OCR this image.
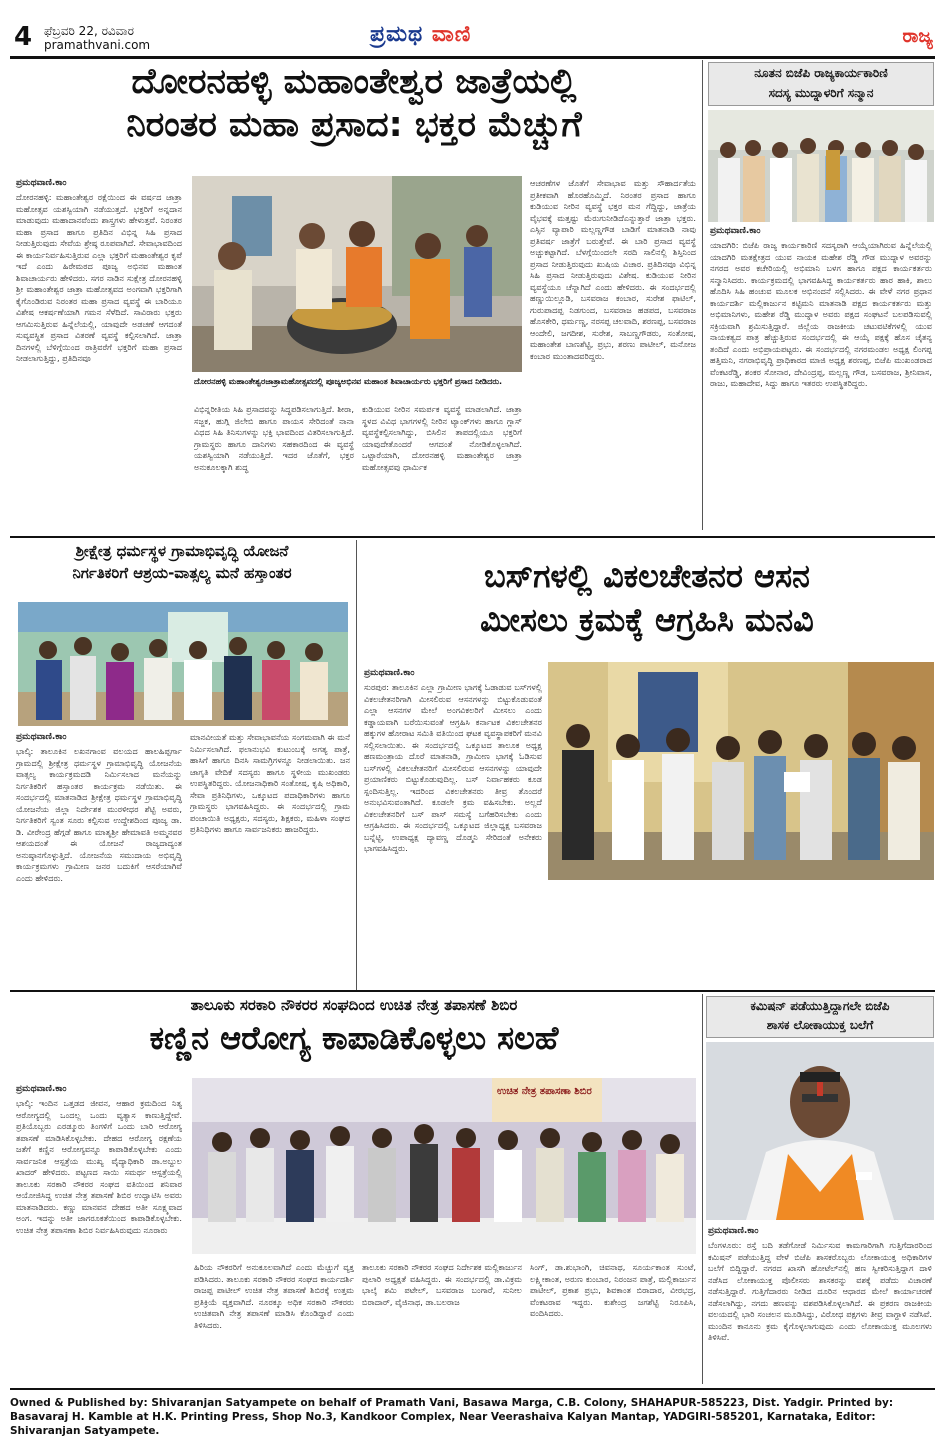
4 ಫೆಬ್ರವರಿ 22, ರವಿವಾರ
pramathvani.com	ಪ್ರಮಥ ವಾಣಿ	ರಾಜ್ಯ
ದೋರನಹಳ್ಳಿ ಮಹಾಂತೇಶ್ವರ ಜಾತ್ರೆಯಲ್ಲಿ
ನಿರಂತರ ಮಹಾ ಪ್ರಸಾದ: ಭಕ್ತರ ಮೆಚ್ಚುಗೆ
ಪ್ರಮಥವಾಣಿ.ಕಾಂ
ದೋರನಹಳ್ಳಿ: ಮಹಾಂತೇಶ್ವರ ರಕ್ಷೆಯಿಂದ ಈ ವರ್ಷದ ಜಾತ್ರಾ ಮಹೋತ್ಸವ ಯಶಸ್ವಿಯಾಗಿ ನಡೆಯುತ್ತದೆ. ಭಕ್ತರಿಗೆ ಅನ್ನದಾನ ಮಾಡುವುದು ಮಹಾದಾನವೆಂದು ಶಾಸ್ತ್ರಗಳು ಹೇಳುತ್ತವೆ. ನಿರಂತರ ಮಹಾ ಪ್ರಸಾದ ಹಾಗೂ ಪ್ರತಿದಿನ ವಿಭಿನ್ನ ಸಿಹಿ ಪ್ರಸಾದ ನೀಡುತ್ತಿರುವುದು ಸೇವೆಯ ಶ್ರೇಷ್ಠ ರೂಪವಾಗಿದೆ. ಸೇವಾಭಾವದಿಂದ ಈ ಕಾರ್ಯನಿರ್ವಹಿಸುತ್ತಿರುವ ಎಲ್ಲಾ ಭಕ್ತರಿಗೆ ಮಹಾಂತೇಶ್ವರ ಕೃಪೆ ಇದೆ ಎಂದು ಹಿರೇಮಠದ ಪೂಜ್ಯ ಅಭಿನವ ಮಹಾಂತ ಶಿವಾಚಾರ್ಯರು ಹೇಳಿದರು. ಸಗರ ನಾಡಿನ ಸುಕ್ಷೇತ್ರ ದೋರನಹಳ್ಳಿ ಶ್ರೀ ಮಹಾಂತೇಶ್ವರ ಜಾತ್ರಾ ಮಹೋತ್ಸವದ ಅಂಗವಾಗಿ ಭಕ್ತರಿಗಾಗಿ ಕೈಗೊಂಡಿರುವ ನಿರಂತರ ಮಹಾ ಪ್ರಸಾದ ವ್ಯವಸ್ಥೆ ಈ ಬಾರಿಯೂ ವಿಶೇಷ ಆಕರ್ಷಣೆಯಾಗಿ ಗಮನ ಸೆಳೆದಿದೆ. ಸಾವಿರಾರು ಭಕ್ತರು ಆಗಮಿಸುತ್ತಿರುವ ಹಿನ್ನೆಲೆಯಲ್ಲಿ, ಯಾವುದೇ ಅಡಚಣೆ ಆಗದಂತೆ ಸುವ್ಯವಸ್ಥಿತ ಪ್ರಸಾದ ವಿತರಣೆ ವ್ಯವಸ್ಥೆ ಕಲ್ಪಿಸಲಾಗಿದೆ. ಜಾತ್ರಾ ದಿನಗಳಲ್ಲಿ ಬೆಳಿಗ್ಗೆಯಿಂದ ರಾತ್ರಿವರೆಗೆ ಭಕ್ತರಿಗೆ ಮಹಾ ಪ್ರಸಾದ ನೀಡಲಾಗುತ್ತಿದ್ದು, ಪ್ರತಿದಿನವೂ
ದೋರನಹಳ್ಳಿ ಮಹಾಂತೇಶ್ವರಜಾತ್ರಾಮಹೋತ್ಸವದಲ್ಲಿ ಪೂಜ್ಯಅಭಿನವ ಮಹಾಂತ ಶಿವಾಚಾರ್ಯರು ಭಕ್ತರಿಗೆ ಪ್ರಸಾದ ನೀಡಿದರು.
ವಿಭಿನ್ನರೀತಿಯ ಸಿಹಿ ಪ್ರಸಾದವನ್ನು ಸಿದ್ಧಪಡಿಸಲಾಗುತ್ತಿದೆ. ಶೀರಾ, ಸಜ್ಜಕ, ಹುಗ್ಗಿ ಜಿಲೇಬಿ ಹಾಗೂ ಪಾಯಸ ಸೇರಿದಂತೆ ನಾನಾ ವಿಧದ ಸಿಹಿ ತಿನಿಸುಗಳನ್ನು ಭಕ್ತಿ ಭಾವದಿಂದ ವಿತರಿಸಲಾಗುತ್ತಿದೆ. ಗ್ರಾಮಸ್ಥರು ಹಾಗೂ ದಾನಿಗಳು ಸಹಕಾರದಿಂದ ಈ ವ್ಯವಸ್ಥೆ ಯಶಸ್ವಿಯಾಗಿ ನಡೆಯುತ್ತಿದೆ. ಇದರ ಜೊತೆಗೆ, ಭಕ್ತರ ಅನುಕೂಲಕ್ಕಾಗಿ ಶುದ್ಧ
ಕುಡಿಯುವ ನೀರಿನ ಸಮರ್ಪಕ ವ್ಯವಸ್ಥೆ ಮಾಡಲಾಗಿದೆ. ಜಾತ್ರಾ ಸ್ಥಳದ ವಿವಿಧ ಭಾಗಗಳಲ್ಲಿ ನೀರಿನ ಟ್ಯಾಂಕ್‌ಗಳು ಹಾಗೂ ಗ್ಲಾಸ್ ವ್ಯವಸ್ಥೆಕಲ್ಪಿಸಲಾಗಿದ್ದು, ಬಿಸಿಲಿನ ತಾಪದಲ್ಲಿಯೂ ಭಕ್ತರಿಗೆ ಯಾವುದೇತೊಂದರೆ ಆಗದಂತೆ ನೋಡಿಕೊಳ್ಳಲಾಗಿದೆ. ಒಟ್ಟಾರೆಯಾಗಿ, ದೋರನಹಳ್ಳಿ ಮಹಾಂತೇಶ್ವರ ಜಾತ್ರಾ ಮಹೋತ್ಸವವು ಧಾರ್ಮಿಕ
ಆಚರಣೆಗಳ ಜೊತೆಗೆ ಸೇವಾಭಾವ ಮತ್ತು ಸೌಹಾರ್ದತೆಯ ಪ್ರತೀಕವಾಗಿ ಹೊರಹೊಮ್ಮಿದೆ. ನಿರಂತರ ಪ್ರಸಾದ ಹಾಗೂ ಕುಡಿಯುವ ನೀರಿನ ವ್ಯವಸ್ಥೆ ಭಕ್ತರ ಮನ ಗೆದ್ದಿದ್ದು, ಜಾತ್ರೆಯ ವೈಭವಕ್ಕೆ ಮತ್ತಷ್ಟು ಮೆರುಗುನೀಡಿದೆಎನ್ನುತ್ತಾರೆ ಜಾತ್ರಾ ಭಕ್ತರು. ಎಸ್ಸಿನ ವ್ಯಾಪಾರಿ ಮಲ್ಲಣ್ಣಗೌಡ ಬಾಡಿಗೆ ಮಾತನಾಡಿ ನಾವು ಪ್ರತಿವರ್ಷ ಜಾತ್ರೆಗೆ ಬರುತ್ತೇವೆ. ಈ ಬಾರಿ ಪ್ರಸಾದ ವ್ಯವಸ್ಥೆ ಅಚ್ಚುಕಟ್ಟಾಗಿದೆ. ಬೆಳಗ್ಗೆಯಿಂದಲೇ ಸರದಿ ಸಾಲಿನಲ್ಲಿ ಶಿಸ್ತಿನಿಂದ ಪ್ರಸಾದ ನೀಡುತ್ತಿರುವುದು ಖುಷಿಯ ವಿಚಾರ. ಪ್ರತಿದಿನವೂ ವಿಭಿನ್ನ ಸಿಹಿ ಪ್ರಸಾದ ನೀಡುತ್ತಿರುವುದು ವಿಶೇಷ. ಕುಡಿಯುವ ನೀರಿನ ವ್ಯವಸ್ಥೆಯೂ ಚೆನ್ನಾಗಿದೆ ಎಂದು ಹೇಳಿದರು. ಈ ಸಂದರ್ಭದಲ್ಲಿ ಹಣ್ಣುಯಿಲ್ಲೂಡಿ, ಬಸವರಾಜ ಕಂಬಾರ, ಸುರೇಶ ಫಾಟಿಲ್, ಗುರುಪಾದಪ್ಪ ನಿಡಗುಂದ, ಬಸವರಾಜ ಹಡಪದ, ಬಸವರಾಜ ಹೊಸಕೇರಿ, ಧರ್ಮಣ್ಣ, ನರಸಪ್ಪ ಚಲವಾದಿ, ಶರಣಪ್ಪ, ಬಸವರಾಜ ಆಂದೇಲಿ, ಜಗದೀಶ, ಸುರೇಶ, ಸಾಬಣ್ಣಗೌಡರು, ಸಂತೋಷ, ಮಹಾಂತೇಶ ಬಾಣಶೆಟ್ಟಿ, ಪ್ರಭು, ಶರಣು ಪಾಟೀಲ್, ಮನೋಜ ಕಂಬಾರ ಮುಂತಾದವರಿದ್ದರು.
ನೂತನ ಬಿಜೆಪಿ ರಾಜ್ಯಕಾರ್ಯಕಾರಿಣಿ
ಸದಸ್ಯ ಮುದ್ನಾಳರಿಗೆ ಸನ್ಮಾನ
ಪ್ರಮಥವಾಣಿ.ಕಾಂ
ಯಾದಗಿರಿ: ಬಿಜೆಪಿ ರಾಜ್ಯ ಕಾರ್ಯಕಾರಿಣಿ ಸದಸ್ಯರಾಗಿ ಆಯ್ಕೆಯಾಗಿರುವ ಹಿನ್ನೆಲೆಯಲ್ಲಿ ಯಾದಗಿರಿ ಮತಕ್ಷೇತ್ರದ ಯುವ ನಾಯಕ ಮಹೇಶ ರೆಡ್ಡಿ ಗೌಡ ಮುದ್ನಾಳ ಅವರನ್ನು ನಗರದ ಅವರ ಕಚೇರಿಯಲ್ಲಿ ಅಭಿಮಾನಿ ಬಳಗ ಹಾಗೂ ಪಕ್ಷದ ಕಾರ್ಯಕರ್ತರು ಸನ್ಮಾನಿಸಿದರು. ಕಾರ್ಯಕ್ರಮದಲ್ಲಿ ಭಾಗವಹಿಸಿದ್ದ ಕಾರ್ಯಕರ್ತರು ಹಾರ ಹಾಕಿ, ಶಾಲು ಹೊದಿಸಿ ಸಿಹಿ ಹಂಚುವ ಮೂಲಕ ಅಭಿನಂದನೆ ಸಲ್ಲಿಸಿದರು. ಈ ವೇಳೆ ನಗರ ಪ್ರಧಾನ ಕಾರ್ಯದರ್ಶಿ ಮಲ್ಲಿಕಾರ್ಜುನ ಕಟ್ಟಿಮನಿ ಮಾತನಾಡಿ ಪಕ್ಷದ ಕಾರ್ಯಕರ್ತರು ಮತ್ತು ಅಭಿಮಾನಿಗಳು, ಮಹೇಶ ರೆಡ್ಡಿ ಮುದ್ನಾಳ ಅವರು ಪಕ್ಷದ ಸಂಘಟನೆ ಬಲಪಡಿಸುವಲ್ಲಿ ಸಕ್ರಿಯವಾಗಿ ಶ್ರಮಿಸುತ್ತಿದ್ದಾರೆ. ಜಿಲ್ಲೆಯ ರಾಜಕೀಯ ಚಟುವಟಿಕೆಗಳಲ್ಲಿ ಯುವ ನಾಯಕತ್ವದ ಪಾತ್ರ ಹೆಚ್ಚುತ್ತಿರುವ ಸಂದರ್ಭದಲ್ಲಿ ಈ ಆಯ್ಕೆ ಪಕ್ಷಕ್ಕೆ ಹೊಸ ಚೈತನ್ಯ ತಂದಿದೆ ಎಂದು ಅಭಿಪ್ರಾಯಪಟ್ಟರು. ಈ ಸಂದರ್ಭದಲ್ಲಿ ನಗರಮಂಡಲ ಅಧ್ಯಕ್ಷ ಲಿಂಗಪ್ಪ ಹತ್ತಿಮನಿ, ನಗರಾಭಿವೃದ್ಧಿ ಪ್ರಾಧಿಕಾರದ ಮಾಜಿ ಅಧ್ಯಕ್ಷ ಶರಣಪ್ಪ, ಬಿಜೆಪಿ ಮುಖಂಡರಾದ ವೆಂಕಟರೆಡ್ಡಿ, ಶಂಕರ ಸೋನಾರ, ದೇವಿಂದ್ರಪ್ಪ, ಮಲ್ಲಣ್ಣ ಗೌಡ, ಬಸವರಾಜ, ಶ್ರೀನಿವಾಸ, ರಾಜು, ಮಹಾದೇವ, ಸಿದ್ದು ಹಾಗೂ ಇತರರು ಉಪಸ್ಥಿತರಿದ್ದರು.
ಶ್ರೀಕ್ಷೇತ್ರ ಧರ್ಮಸ್ಥಳ ಗ್ರಾಮಾಭಿವೃದ್ಧಿ ಯೋಜನೆ
ನಿರ್ಗತಿಕರಿಗೆ ಆಶ್ರಯ-ವಾತ್ಸಲ್ಯ ಮನೆ ಹಸ್ತಾಂತರ
ಪ್ರಮಥವಾಣಿ.ಕಾಂ
ಭಾಲ್ಕಿ: ತಾಲೂಕಿನ ಲಖನಗಾಂವ ವಲಯದ ಹಾಲಹಿಪ್ಪರ್ಗಾ ಗ್ರಾಮದಲ್ಲಿ ಶ್ರೀಕ್ಷೇತ್ರ ಧರ್ಮಸ್ಥಳ ಗ್ರಾಮಾಭಿವೃದ್ಧಿ ಯೋಜನೆಯ ವಾತ್ಸಲ್ಯ ಕಾರ್ಯಕ್ರಮದಡಿ ನಿರ್ಮಿಸಲಾದ ಮನೆಯನ್ನು ನಿರ್ಗತಿಕರಿಗೆ ಹಸ್ತಾಂತರ ಕಾರ್ಯಕ್ರಮ ನಡೆಯಿತು. ಈ ಸಂದರ್ಭದಲ್ಲಿ ಮಾತನಾಡಿದ ಶ್ರೀಕ್ಷೇತ್ರ ಧರ್ಮಸ್ಥಳ ಗ್ರಾಮಾಭಿವೃದ್ಧಿ ಯೋಜನೆಯ ಜಿಲ್ಲಾ ನಿರ್ದೇಶಕ ಮುರಳೀಧರ ಶೆಟ್ಟಿ ಅವರು, ನಿರ್ಗತಿಕರಿಗೆ ಸ್ವಂತ ಸೂರು ಕಲ್ಪಿಸುವ ಉದ್ದೇಶದಿಂದ ಪೂಜ್ಯ ಡಾ. ಡಿ. ವೀರೇಂದ್ರ ಹೆಗ್ಗಡೆ ಹಾಗೂ ಮಾತೃಶ್ರೀ ಹೇಮಾವತಿ ಅಮ್ಮನವರ ಆಶಯದಂತೆ ಈ ಯೋಜನೆ ರಾಜ್ಯದಾದ್ಯಂತ ಅನುಷ್ಠಾನಗೊಳ್ಳುತ್ತಿದೆ. ಯೋಜನೆಯ ಸಮುದಾಯ ಅಭಿವೃದ್ಧಿ ಕಾರ್ಯಕ್ರಮಗಳು ಗ್ರಾಮೀಣ ಜನರ ಬದುಕಿಗೆ ಆಸರೆಯಾಗಿವೆ ಎಂದು ಹೇಳಿದರು.
ಮಾನವೀಯತೆ ಮತ್ತು ಸೇವಾಭಾವನೆಯ ಸಂಗಮವಾಗಿ ಈ ಮನೆ ನಿರ್ಮಿಸಲಾಗಿದೆ. ಫಲಾನುಭವಿ ಕುಟುಂಬಕ್ಕೆ ಅಗತ್ಯ ಪಾತ್ರೆ, ಹಾಸಿಗೆ ಹಾಗೂ ದಿನಸಿ ಸಾಮಗ್ರಿಗಳನ್ನೂ ನೀಡಲಾಯಿತು. ಜನ ಜಾಗೃತಿ ವೇದಿಕೆ ಸದಸ್ಯರು ಹಾಗೂ ಸ್ಥಳೀಯ ಮುಖಂಡರು ಉಪಸ್ಥಿತರಿದ್ದರು. ಯೋಜನಾಧಿಕಾರಿ ಸಂತೋಷ, ಕೃಷಿ ಅಧಿಕಾರಿ, ಸೇವಾ ಪ್ರತಿನಿಧಿಗಳು, ಒಕ್ಕೂಟದ ಪದಾಧಿಕಾರಿಗಳು ಹಾಗೂ ಗ್ರಾಮಸ್ಥರು ಭಾಗವಹಿಸಿದ್ದರು. ಈ ಸಂದರ್ಭದಲ್ಲಿ ಗ್ರಾಮ ಪಂಚಾಯಿತಿ ಅಧ್ಯಕ್ಷರು, ಸದಸ್ಯರು, ಶಿಕ್ಷಕರು, ಮಹಿಳಾ ಸಂಘದ ಪ್ರತಿನಿಧಿಗಳು ಹಾಗೂ ಸಾರ್ವಜನಿಕರು ಹಾಜರಿದ್ದರು.
ಬಸ್‌ಗಳಲ್ಲಿ ವಿಕಲಚೇತನರ ಆಸನ
ಮೀಸಲು ಕ್ರಮಕ್ಕೆ ಆಗ್ರಹಿಸಿ ಮನವಿ
ಪ್ರಮಥವಾಣಿ.ಕಾಂ
ಸುರಪುರ: ತಾಲೂಕಿನ ಎಲ್ಲಾ ಗ್ರಾಮೀಣ ಭಾಗಕ್ಕೆ ಓಡಾಡುವ ಬಸ್‌ಗಳಲ್ಲಿ ವಿಕಲಚೇತನರಿಗಾಗಿ ಮೀಸಲಿರುವ ಆಸನಗಳನ್ನು ಬಿಟ್ಟುಕೊಡುವಂತೆ ಎಲ್ಲಾ ಆಸನಗಳ ಮೇಲೆ ಅಂಗವಿಕಲರಿಗೆ ಮೀಸಲು ಎಂದು ಕಡ್ಡಾಯವಾಗಿ ಬರೆಯಿಸುವಂತೆ ಆಗ್ರಹಿಸಿ ಕರ್ನಾಟಕ ವಿಕಲಚೇತನರ ಹಕ್ಕುಗಳ ಹೋರಾಟ ಸಮಿತಿ ವತಿಯಿಂದ ಘಟಕ ವ್ಯವಸ್ಥಾಪಕರಿಗೆ ಮನವಿ ಸಲ್ಲಿಸಲಾಯಿತು. ಈ ಸಂದರ್ಭದಲ್ಲಿ ಒಕ್ಕೂಟದ ತಾಲೂಕ ಅಧ್ಯಕ್ಷ ಹಣಮಂತ್ರಾಯ ದೊರೆ ಮಾತನಾಡಿ, ಗ್ರಾಮೀಣ ಭಾಗಕ್ಕೆ ಓಡಿಸುವ ಬಸ್‌ಗಳಲ್ಲಿ ವಿಕಲಚೇತನರಿಗೆ ಮೀಸಲಿರುವ ಆಸನಗಳನ್ನು ಯಾವುದೇ ಪ್ರಯಾಣಿಕರು ಬಿಟ್ಟುಕೊಡುವುದಿಲ್ಲ. ಬಸ್ ನಿರ್ವಾಹಕರು ಕೂಡ ಸ್ಪಂದಿಸುತ್ತಿಲ್ಲ. ಇದರಿಂದ ವಿಕಲಚೇತನರು ತೀವ್ರ ತೊಂದರೆ ಅನುಭವಿಸುವಂತಾಗಿದೆ. ಕೂಡಲೇ ಕ್ರಮ ವಹಿಸಬೇಕು. ಅಲ್ಲದೆ ವಿಕಲಚೇತನರಿಗೆ ಬಸ್ ಪಾಸ್ ಸಮಸ್ಯೆ ಬಗೆಹರಿಸಬೇಕು ಎಂದು ಆಗ್ರಹಿಸಿದರು. ಈ ಸಂದರ್ಭದಲ್ಲಿ ಒಕ್ಕೂಟದ ಜಿಲ್ಲಾಧ್ಯಕ್ಷ ಬಸವರಾಜ ಬನ್ನೆಟ್ಟಿ, ಉಪಾಧ್ಯಕ್ಷ ದ್ಯಾವಣ್ಣ ದೊಡ್ಮನಿ ಸೇರಿದಂತೆ ಅನೇಕರು ಭಾಗವಹಿಸಿದ್ದರು.
ತಾಲೂಕು ಸರಕಾರಿ ನೌಕರರ ಸಂಘದಿಂದ ಉಚಿತ ನೇತ್ರ ತಪಾಸಣೆ ಶಿಬಿರ
ಕಣ್ಣಿನ ಆರೋಗ್ಯ ಕಾಪಾಡಿಕೊಳ್ಳಲು ಸಲಹೆ
ಪ್ರಮಥವಾಣಿ.ಕಾಂ
ಭಾಲ್ಕಿ: ಇಂದಿನ ಒತ್ತಡದ ಜೀವನ, ಆಹಾರ ಕ್ರಮದಿಂದ ನಿತ್ಯ ಆರೋಗ್ಯದಲ್ಲಿ ಒಂದಲ್ಲ ಒಂದು ವ್ಯತ್ಯಾಸ ಕಾಣುತ್ತಿದ್ದೇವೆ. ಪ್ರತಿಯೊಬ್ಬರು ಎರಡ್ಮೂರು ತಿಂಗಳಿಗೆ ಒಂದು ಬಾರಿ ಆರೋಗ್ಯ ತಪಾಸಣೆ ಮಾಡಿಸಿಕೊಳ್ಳಬೇಕು. ದೇಹದ ಆರೋಗ್ಯ ರಕ್ಷಣೆಯ ಜತೆಗೆ ಕಣ್ಣಿನ ಆರೋಗ್ಯವನ್ನೂ ಕಾಪಾಡಿಕೊಳ್ಳಬೇಕು ಎಂದು ಸಾರ್ವಜನಿಕ ಆಸ್ಪತ್ರೆಯ ಮುಖ್ಯ ವೈದ್ಯಾಧಿಕಾರಿ ಡಾ.ಅಬ್ದುಲ ಖಾದರ್ ಹೇಳಿದರು. ಪಟ್ಟಣದ ಸಾಯಿ ಸಮರ್ಥ ಆಸ್ಪತ್ರೆಯಲ್ಲಿ ತಾಲೂಕು ಸರಕಾರಿ ನೌಕರರ ಸಂಘದ ವತಿಯಿಂದ ಶನಿವಾರ ಆಯೋಜಿಸಿದ್ದ ಉಚಿತ ನೇತ್ರ ತಪಾಸಣೆ ಶಿಬಿರ ಉದ್ಘಾಟಿಸಿ ಅವರು ಮಾತನಾಡಿದರು. ಕಣ್ಣು ಮಾನವನ ದೇಹದ ಅತೀ ಸೂಕ್ಷ್ಮವಾದ ಅಂಗ. ಇದನ್ನು ಅತೀ ಜಾಗರೂಕತೆಯಿಂದ ಕಾಪಾಡಿಕೊಳ್ಳಬೇಕು. ಉಚಿತ ನೇತ್ರ ತಪಾಸಣಾ ಶಿಬಿರ ನಿರ್ವಹಿಸಿರುವುದು ನೂರಾರು
ಉಚಿತ ನೇತ್ರ ತಪಾಸಣಾ ಶಿಬಿರ
ಹಿರಿಯ ನೌಕರರಿಗೆ ಅನುಕೂಲವಾಗಿದೆ ಎಂದು ಮೆಚ್ಚುಗೆ ವ್ಯಕ್ತ ಪಡಿಸಿದರು. ತಾಲೂಕು ಸರಕಾರಿ ನೌಕರರ ಸಂಘದ ಕಾರ್ಯದರ್ಶಿ ರಾಜಪ್ಪ ಪಾಟೀಲ್ ಉಚಿತ ನೇತ್ರ ತಪಾಸಣೆ ಶಿಬಿರಕ್ಕೆ ಉತ್ತಮ ಪ್ರತಿಕ್ರಿಯೆ ವ್ಯಕ್ತವಾಗಿದೆ. ನೂರಕ್ಕೂ ಅಧಿಕ ಸರಕಾರಿ ನೌಕರರು ಉಚಿತವಾಗಿ ನೇತ್ರ ತಪಾಸಣೆ ಮಾಡಿಸಿ ಕೊಂಡಿದ್ದಾರೆ ಎಂದು ತಿಳಿಸಿದರು.
ತಾಲೂಕು ಸರಕಾರಿ ನೌಕರರ ಸಂಘದ ನಿರ್ದೇಶಕ ಮಲ್ಲಿಕಾರ್ಜುನ ಪುಲಾರಿ ಅಧ್ಯಕ್ಷತೆ ವಹಿಸಿದ್ದರು. ಈ ಸಂದರ್ಭದಲ್ಲಿ ಡಾ.ವಿಕ್ರಮ ಭಾಲ್ಕೆ ಶಮಿ ಪಟೇಲ್, ಬಸವರಾಜ ಬಂಗಾರೆ, ಸುನೀಲ ಬಿರಾದಾರ್, ವೈಜಿನಾಥ, ಡಾ.ಬಲರಾಜ
ಸಿಂಗ್, ಡಾ.ಶುಭಾಂಗಿ, ಚಿವನಾಥ, ಸೂರ್ಯಕಾಂತ ಸುಂಟೆ, ಲಕ್ಷ್ಮೀಕಾಂತ, ಅರುಣ ಕುಂಬಾರ, ನಿರಂಜನ ಪಾತ್ರೆ, ಮಲ್ಲಿಕಾರ್ಜುನ ಪಾಟೀಲ್, ಪ್ರಕಾಶ ಪ್ರಭು, ಶಿವಕಾಂತ ಬಿರಾದಾರ, ವೀರಭದ್ರ, ವೆಂಕಟರಾವ ಇದ್ದರು. ಕುಶೇಂದ್ರ ಜಗಶೆಟ್ಟಿ ನಿರೂಪಿಸಿ, ವಂದಿಸಿದರು.
ಕಮಿಷನ್ ಪಡೆಯುತ್ತಿದ್ದಾಗಲೇ ಬಿಜೆಪಿ
ಶಾಸಕ ಲೋಕಾಯುಕ್ತ ಬಲೆಗೆ
ಪ್ರಮಥವಾಣಿ.ಕಾಂ
ಬೆಂಗಳೂರು: ರಸ್ತೆ ಬದಿ ತಡೆಗೋಡೆ ನಿರ್ಮಿಸುವ ಕಾಮಗಾರಿಗಾಗಿ ಗುತ್ತಿಗೆದಾರರಿಂದ ಕಮಿಷನ್ ಪಡೆಯುತ್ತಿದ್ದ ವೇಳೆ ಬಿಜೆಪಿ ಶಾಸಕರೊಬ್ಬರು ಲೋಕಾಯುಕ್ತ ಅಧಿಕಾರಿಗಳ ಬಲೆಗೆ ಬಿದ್ದಿದ್ದಾರೆ. ನಗರದ ಖಾಸಗಿ ಹೋಟೆಲ್‌ನಲ್ಲಿ ಹಣ ಸ್ವೀಕರಿಸುತ್ತಿದ್ದಾಗ ದಾಳಿ ನಡೆಸಿದ ಲೋಕಾಯುಕ್ತ ಪೊಲೀಸರು ಶಾಸಕರನ್ನು ವಶಕ್ಕೆ ಪಡೆದು ವಿಚಾರಣೆ ನಡೆಸುತ್ತಿದ್ದಾರೆ. ಗುತ್ತಿಗೆದಾರರು ನೀಡಿದ ದೂರಿನ ಆಧಾರದ ಮೇಲೆ ಕಾರ್ಯಾಚರಣೆ ನಡೆಸಲಾಗಿದ್ದು, ನಗದು ಹಣವನ್ನು ವಶಪಡಿಸಿಕೊಳ್ಳಲಾಗಿದೆ. ಈ ಪ್ರಕರಣ ರಾಜಕೀಯ ವಲಯದಲ್ಲಿ ಭಾರಿ ಸಂಚಲನ ಮೂಡಿಸಿದ್ದು, ವಿರೋಧ ಪಕ್ಷಗಳು ತೀವ್ರ ವಾಗ್ದಾಳಿ ನಡೆಸಿವೆ. ಮುಂದಿನ ಕಾನೂನು ಕ್ರಮ ಕೈಗೊಳ್ಳಲಾಗುವುದು ಎಂದು ಲೋಕಾಯುಕ್ತ ಮೂಲಗಳು ತಿಳಿಸಿವೆ.
Owned & Published by: Shivaranjan Satyampete on behalf of Pramath Vani, Basawa Marga, C.B. Colony, SHAHAPUR-585223, Dist. Yadgir. Printed by: Basavaraj H. Kamble at H.K. Printing Press, Shop No.3, Kandkoor Complex, Near Veerashaiva Kalyan Mantap, YADGIRI-585201, Karnataka, Editor: Shivaranjan Satyampete.
